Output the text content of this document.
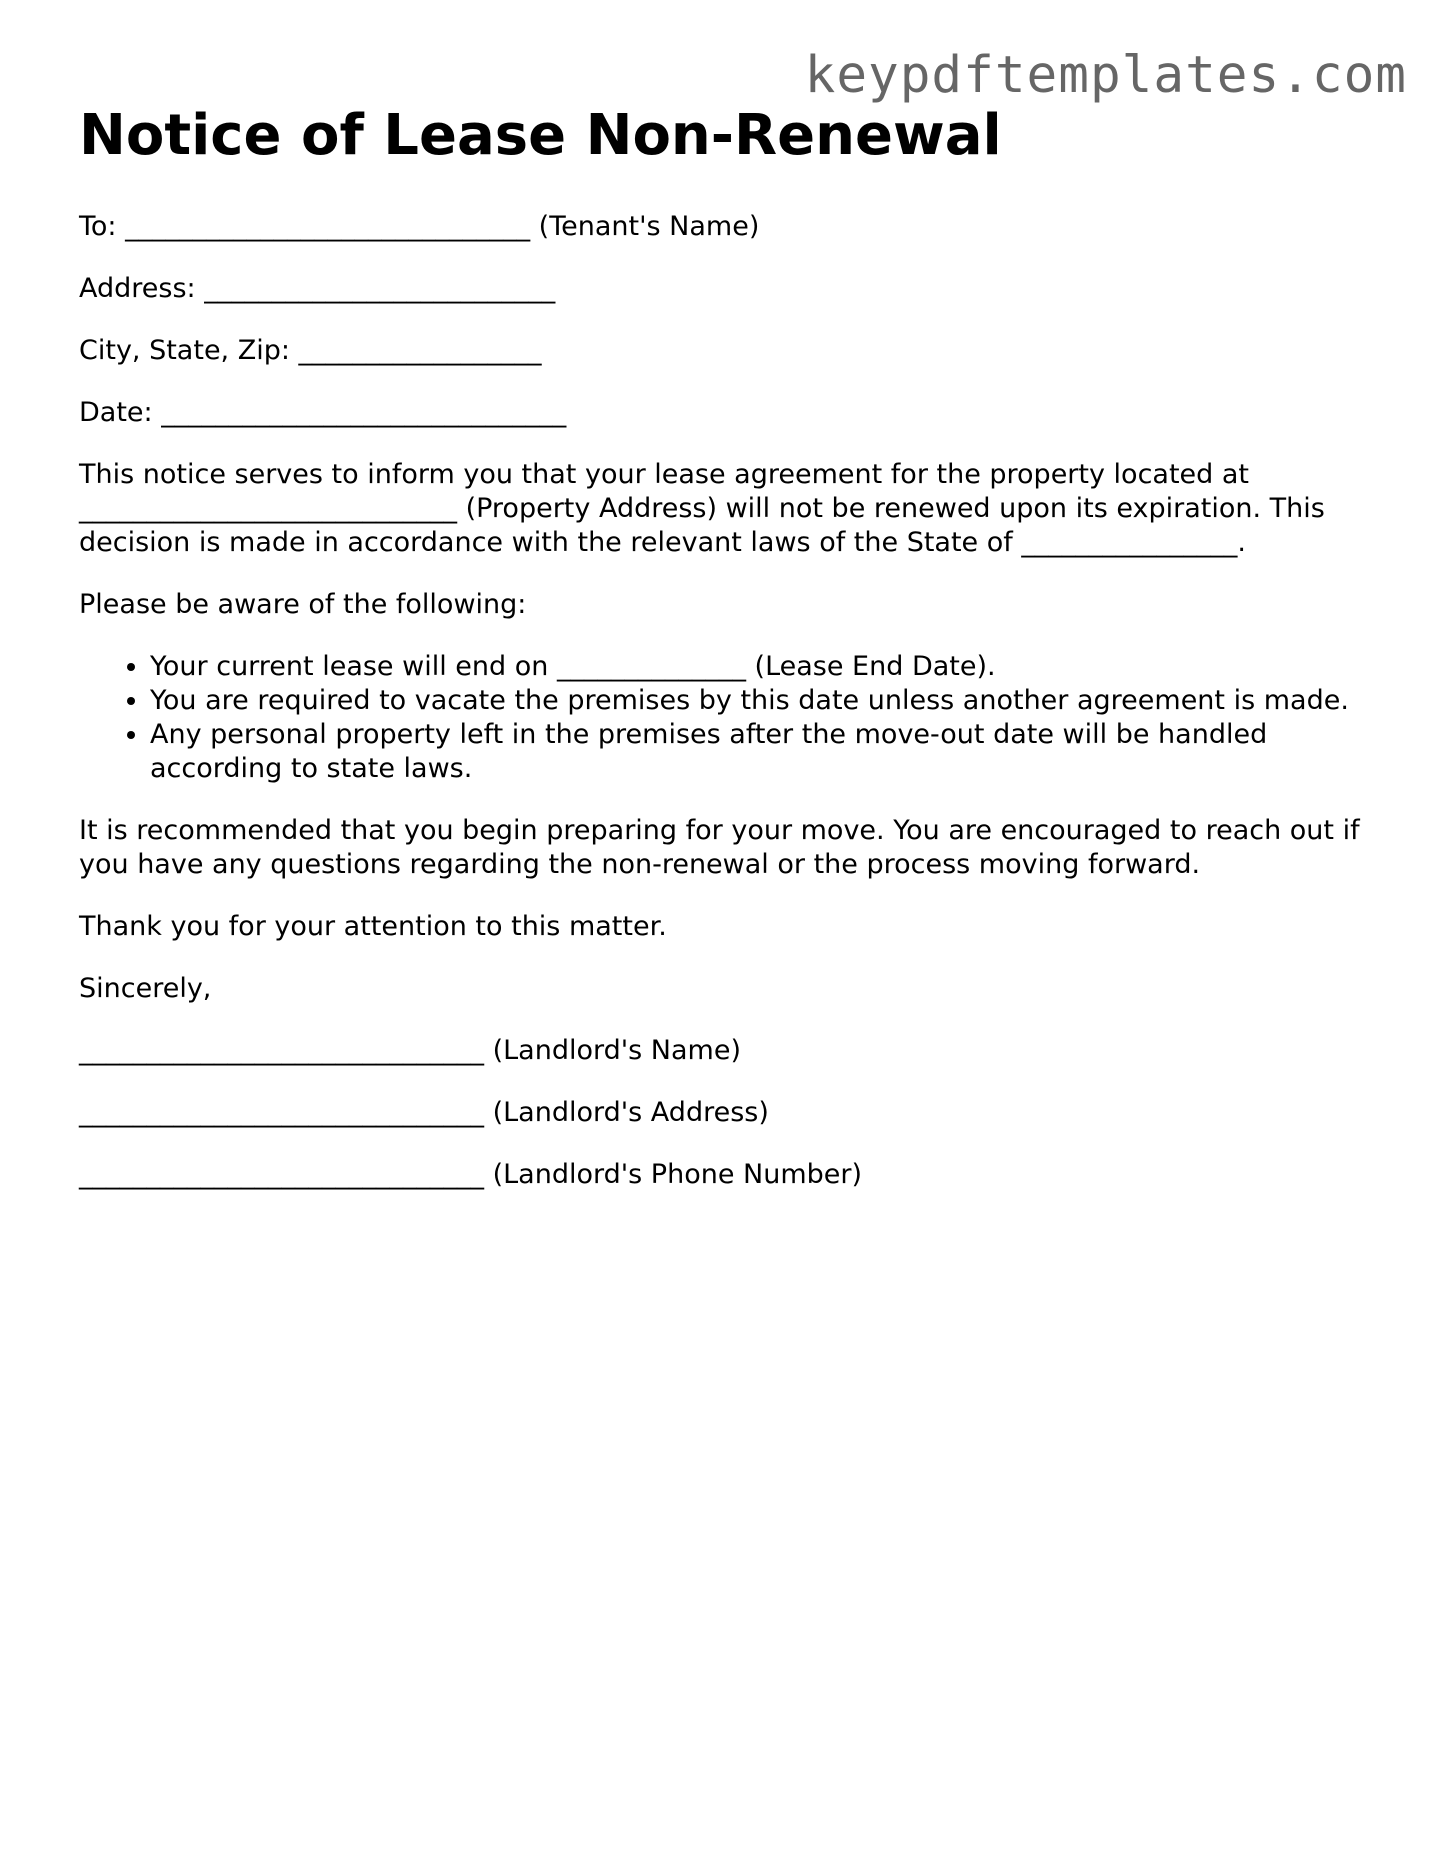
keypdftemplates.com
Notice of Lease Non-Renewal

To: ______________________________ (Tenant's Name)

Address: __________________________

City, State, Zip: __________________

Date: ______________________________

This notice serves to inform you that your lease agreement for the property located at ____________________________ (Property Address) will not be renewed upon its expiration. This decision is made in accordance with the relevant laws of the State of ________________.

Please be aware of the following:

• Your current lease will end on ______________ (Lease End Date).
• You are required to vacate the premises by this date unless another agreement is made.
• Any personal property left in the premises after the move-out date will be handled according to state laws.

It is recommended that you begin preparing for your move. You are encouraged to reach out if you have any questions regarding the non-renewal or the process moving forward.

Thank you for your attention to this matter.

Sincerely,

______________________________ (Landlord's Name)

______________________________ (Landlord's Address)

______________________________ (Landlord's Phone Number)
